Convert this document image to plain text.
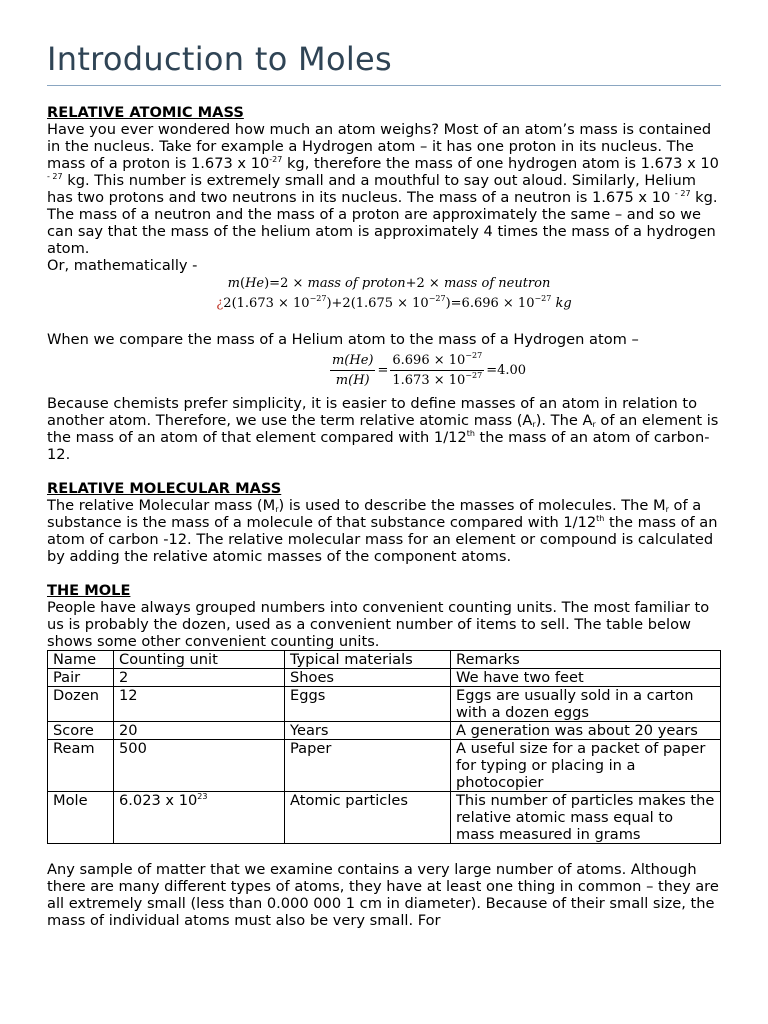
Introduction to Moles

RELATIVE ATOMIC MASS

Have you ever wondered how much an atom weighs? Most of an atom’s mass is contained in the nucleus. Take for example a Hydrogen atom – it has one proton in its nucleus. The mass of a proton is 1.673 x $10^{-27}$ kg, therefore the mass of one hydrogen atom is 1.673 x 10 $^{- 27}$ kg. This number is extremely small and a mouthful to say out aloud. Similarly, Helium has two protons and two neutrons in its nucleus. The mass of a neutron is 1.675 x 10 $^{- 27}$ kg. The mass of a neutron and the mass of a proton are approximately the same – and so we can say that the mass of the helium atom is approximately 4 times the mass of a hydrogen atom.

Or, mathematically -

m(He)=2 × mass of proton+2 × mass of neutron
¿$2(1.673 \times 10^{-27})+2(1.675 \times 10^{-27})=6.696 \times 10^{-27}$ kg

When we compare the mass of a Helium atom to the mass of a Hydrogen atom –

$\frac{m(He)}{m(H)} = \frac{6.696 \times 10^{-27}}{1.673 \times 10^{-27}} =4.00$

Because chemists prefer simplicity, it is easier to define masses of an atom in relation to another atom. Therefore, we use the term relative atomic mass $(A_r)$. The $A_r$ of an element is the mass of an atom of that element compared with 1/12th the mass of an atom of carbon-12.

RELATIVE MOLECULAR MASS

The relative Molecular mass $(M_r)$ is used to describe the masses of molecules. The $M_r$ of a substance is the mass of a molecule of that substance compared with 1/12th the mass of an atom of carbon -12. The relative molecular mass for an element or compound is calculated by adding the relative atomic masses of the component atoms.

THE MOLE

People have always grouped numbers into convenient counting units. The most familiar to us is probably the dozen, used as a convenient number of items to sell. The table below shows some other convenient counting units.

Name	Counting unit	Typical materials	Remarks
Pair	2	Shoes	We have two feet
Dozen	12	Eggs	Eggs are usually sold in a carton with a dozen eggs
Score	20	Years	A generation was about 20 years
Ream	500	Paper	A useful size for a packet of paper for typing or placing in a photocopier
Mole	6.023 x $10^{23}$	Atomic particles	This number of particles makes the relative atomic mass equal to mass measured in grams

Any sample of matter that we examine contains a very large number of atoms. Although there are many different types of atoms, they have at least one thing in common – they are all extremely small (less than 0.000 000 1 cm in diameter). Because of their small size, the mass of individual atoms must also be very small. For
